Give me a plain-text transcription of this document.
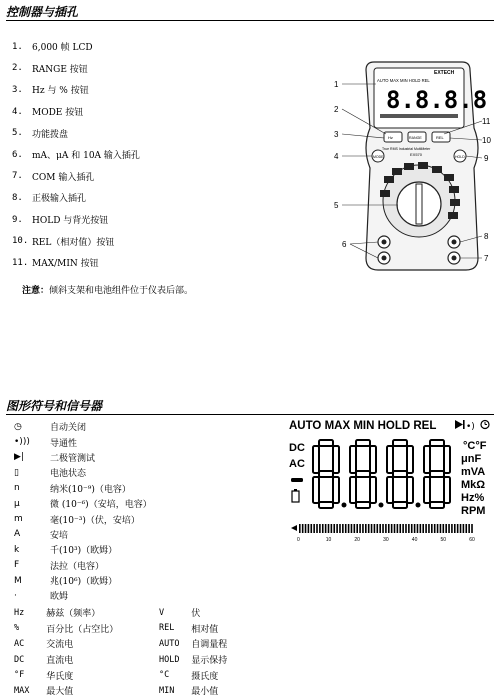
控制器与插孔
1.	6,000 帧 LCD
2.	RANGE 按钮
3.	Hz 与 % 按钮
4.	MODE 按钮
5.	功能拨盘
6.	mA、μA 和 10A 输入插孔
7.	COM 输入插孔
8.	正极输入插孔
9.	HOLD 与背光按钮
10. REL（相对值）按钮
11. MAX/MIN 按钮
注意：倾斜支架和电池组件位于仪表后部。
EXTECH
AUTO MAX MIN HOLD REL
8.8.8.8
Hz	RANGE	REL
True RMS Industrial MultiMeter
EX570
MODE	HOLD
1
2
3
4
5
6
7
8
9
10
11
图形符号和信号器
◷	自动关闭
•)))	导通性
▶|	二极管测试
▯	电池状态
n	纳米(10⁻⁹)（电容）
μ	微 (10⁻⁶)（安培，电容）
m	毫(10⁻³)（伏，安培）
A	安培
k	千(10³)（欧姆）
F	法拉（电容）
M	兆(10⁶)（欧姆）
·	欧姆
Hz	赫兹（频率）	V	伏
%	百分比（占空比）	REL	相对值
AC	交流电	AUTO	自调量程
DC	直流电	HOLD	显示保持
°F	华氏度	°C	摄氏度
MAX	最大值	MIN	最小值
AUTO MAX MIN HOLD REL	•)
DC
AC
°C°F
μnF
mVA
MkΩ
Hz%
RPM
0	10	20	30	40	50	60
